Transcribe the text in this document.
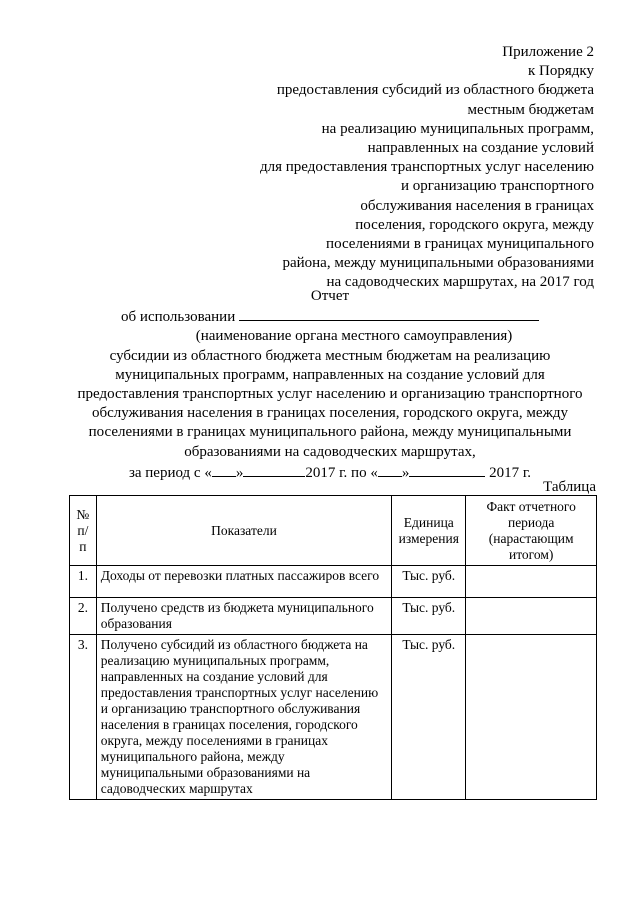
Приложение 2
к Порядку
предоставления субсидий из областного бюджета
местным бюджетам
на реализацию муниципальных программ,
направленных на создание условий
для предоставления транспортных услуг населению
и организацию транспортного
обслуживания населения в границах
поселения, городского округа, между
поселениями в границах муниципального
района, между муниципальными образованиями
на садоводческих маршрутах, на 2017 год
Отчет
об использовании
(наименование органа местного самоуправления)
субсидии из областного бюджета местным бюджетам на реализацию
муниципальных программ, направленных на создание условий для
предоставления транспортных услуг населению и организацию транспортного
обслуживания населения в границах поселения, городского округа, между
поселениями в границах муниципального района, между муниципальными
образованиями на садоводческих маршрутах,
за период с « »	2017 г. по « »	2017 г.
Таблица
№ п/п	Показатели	Единица измерения	Факт отчетного периода (нарастающим итогом)
1.	Доходы от перевозки платных пассажиров всего	Тыс. руб.	
2.	Получено средств из бюджета муниципального образования	Тыс. руб.	
3.	Получено субсидий из областного бюджета на реализацию муниципальных программ, направленных на создание условий для предоставления транспортных услуг населению и организацию транспортного обслуживания населения в границах поселения, городского округа, между поселениями в границах муниципального района, между муниципальными образованиями на садоводческих маршрутах	Тыс. руб.	
